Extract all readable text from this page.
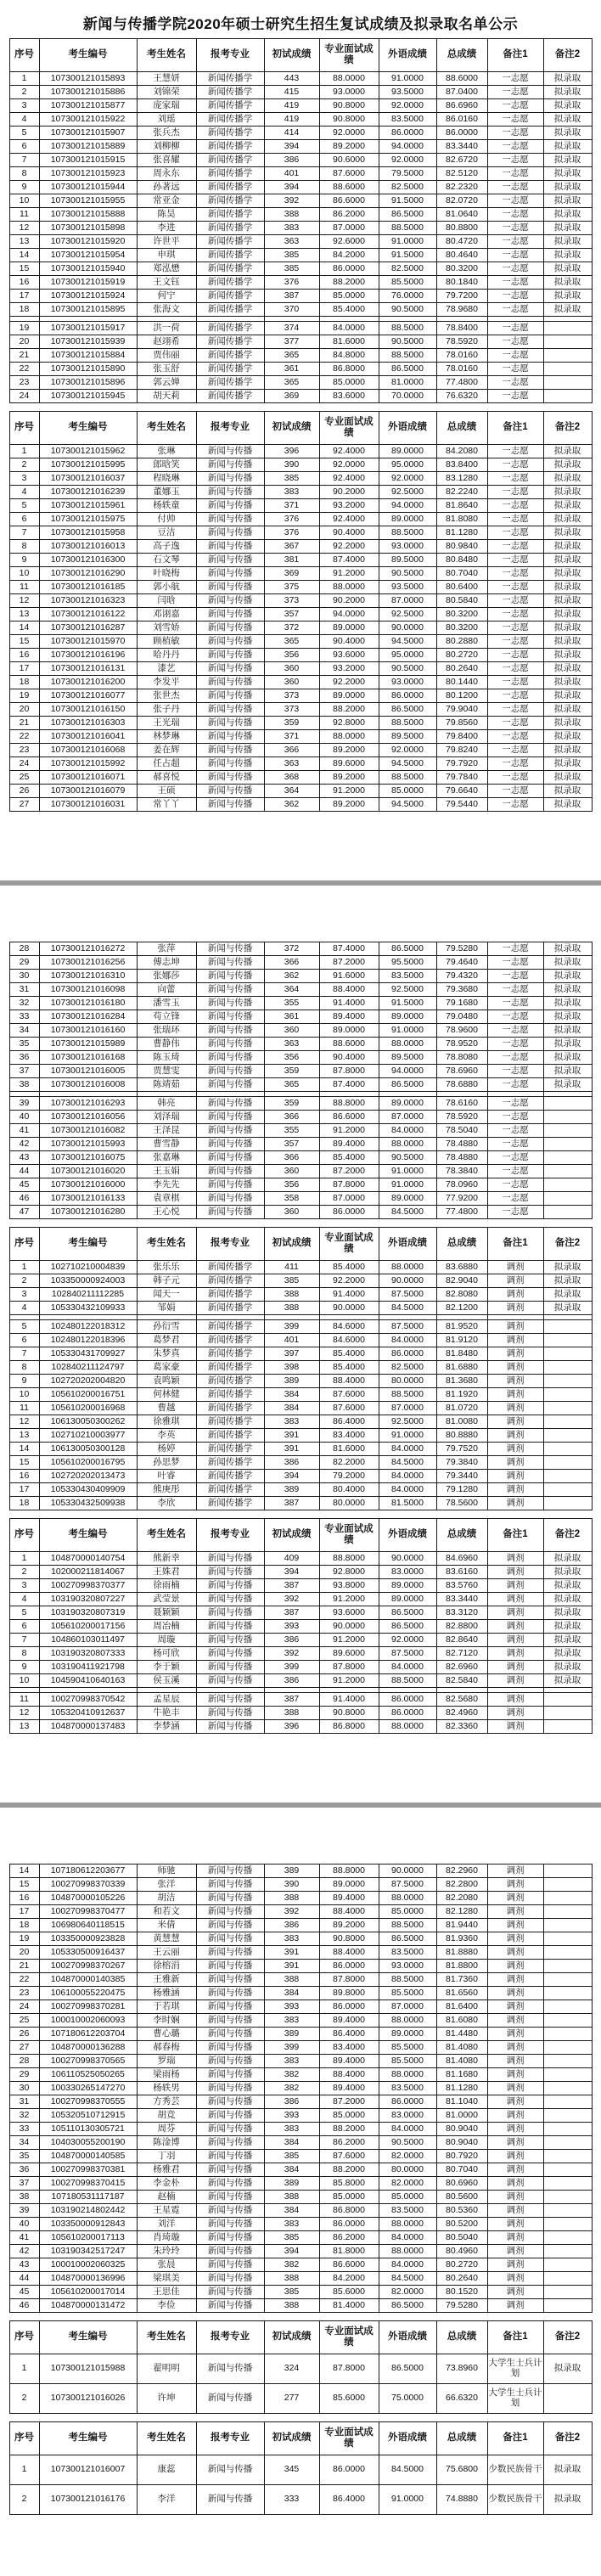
新闻与传播学院2020年硕士研究生招生复试成绩及拟录取名单公示
序号	考生编号	考生姓名	报考专业	初试成绩	专业面试成绩	外语成绩	总成绩	备注1	备注2
1	107300121015893	王慧妍	新闻传播学	443	88.0000	91.0000	88.6000	一志愿	拟录取
2	107300121015886	刘锦荣	新闻传播学	415	93.0000	93.5000	87.0400	一志愿	拟录取
3	107300121015877	庞家瑞	新闻传播学	419	90.8000	92.0000	86.6960	一志愿	拟录取
4	107300121015922	刘瑶	新闻传播学	419	90.8000	83.5000	86.0160	一志愿	拟录取
5	107300121015907	张兵杰	新闻传播学	414	92.0000	86.0000	86.0000	一志愿	拟录取
6	107300121015889	刘柳柳	新闻传播学	394	89.2000	94.0000	83.3440	一志愿	拟录取
7	107300121015915	张喜耀	新闻传播学	386	90.6000	92.0000	82.6720	一志愿	拟录取
8	107300121015923	周永东	新闻传播学	401	87.6000	79.5000	82.5120	一志愿	拟录取
9	107300121015944	孙著远	新闻传播学	394	88.6000	82.5000	82.2320	一志愿	拟录取
10	107300121015955	常亚金	新闻传播学	392	86.6000	91.5000	82.0720	一志愿	拟录取
11	107300121015888	陈昊	新闻传播学	388	86.2000	86.5000	81.0640	一志愿	拟录取
12	107300121015898	李进	新闻传播学	383	87.0000	88.5000	80.8800	一志愿	拟录取
13	107300121015920	许世平	新闻传播学	363	92.6000	91.0000	80.4720	一志愿	拟录取
14	107300121015954	申琪	新闻传播学	385	84.2000	91.5000	80.4640	一志愿	拟录取
15	107300121015940	郑泓懋	新闻传播学	385	86.0000	82.5000	80.3200	一志愿	拟录取
16	107300121015919	王文钰	新闻传播学	376	88.2000	85.5000	80.1840	一志愿	拟录取
17	107300121015924	何宁	新闻传播学	387	85.0000	76.0000	79.7200	一志愿	拟录取
18	107300121015895	张海文	新闻传播学	370	85.4000	90.5000	78.9680	一志愿	拟录取

19	107300121015917	洪一荷	新闻传播学	374	84.0000	88.5000	78.8400	一志愿	
20	107300121015939	赵翊希	新闻传播学	377	81.6000	90.5000	78.5920	一志愿	
21	107300121015884	贾伟丽	新闻传播学	365	84.8000	88.5000	78.0160	一志愿	
22	107300121015890	张玉舒	新闻传播学	361	86.8000	86.5000	78.0160	一志愿	
23	107300121015896	郭云婵	新闻传播学	365	85.0000	81.0000	77.4800	一志愿	
24	107300121015945	胡天莉	新闻传播学	369	83.6000	70.0000	76.6320	一志愿	
序号	考生编号	考生姓名	报考专业	初试成绩	专业面试成绩	外语成绩	总成绩	备注1	备注2
1	107300121015962	张琳	新闻与传播	396	92.4000	89.0000	84.2080	一志愿	拟录取
2	107300121015995	郎晗笑	新闻与传播	390	92.0000	95.0000	83.8400	一志愿	拟录取
3	107300121016037	程晓琳	新闻与传播	385	92.4000	92.0000	83.1280	一志愿	拟录取
4	107300121016239	董娜玉	新闻与传播	383	90.2000	92.5000	82.2240	一志愿	拟录取
5	107300121015961	杨轶童	新闻与传播	371	93.2000	94.0000	81.8640	一志愿	拟录取
6	107300121015975	付帅	新闻与传播	376	92.4000	89.0000	81.8080	一志愿	拟录取
7	107300121015958	豆洁	新闻与传播	376	90.4000	88.5000	81.1280	一志愿	拟录取
8	107300121016013	高子逸	新闻与传播	367	92.2000	93.0000	80.9840	一志愿	拟录取
9	107300121016300	石文琴	新闻与传播	381	87.4000	89.5000	80.8480	一志愿	拟录取
10	107300121016290	叶晓梅	新闻与传播	369	91.2000	90.5000	80.7040	一志愿	拟录取
11	107300121016185	郭小航	新闻与传播	375	88.0000	93.5000	80.6400	一志愿	拟录取
12	107300121016323	闫晗	新闻与传播	373	90.2000	87.0000	80.5840	一志愿	拟录取
13	107300121016122	邓诩嘉	新闻与传播	357	94.0000	92.5000	80.3200	一志愿	拟录取
14	107300121016287	刘雪娇	新闻与传播	372	89.0000	90.0000	80.3200	一志愿	拟录取
15	107300121015970	顾植敏	新闻与传播	365	90.4000	94.5000	80.2880	一志愿	拟录取
16	107300121016196	哈丹丹	新闻与传播	356	93.6000	95.0000	80.2720	一志愿	拟录取
17	107300121016131	漆艺	新闻与传播	360	93.2000	90.5000	80.2640	一志愿	拟录取
18	107300121016200	李发平	新闻与传播	360	92.2000	93.0000	80.1440	一志愿	拟录取
19	107300121016077	张世杰	新闻与传播	373	89.0000	86.0000	80.1200	一志愿	拟录取
20	107300121016150	张子丹	新闻与传播	373	88.2000	86.5000	79.9040	一志愿	拟录取
21	107300121016303	王光瑞	新闻与传播	359	92.8000	88.5000	79.8560	一志愿	拟录取
22	107300121016041	林梦琳	新闻与传播	371	88.0000	89.5000	79.8400	一志愿	拟录取
23	107300121016068	姜在辉	新闻与传播	366	89.2000	92.0000	79.8240	一志愿	拟录取
24	107300121015992	任占超	新闻与传播	363	89.6000	94.5000	79.7920	一志愿	拟录取
25	107300121016071	郝喜悦	新闻与传播	368	89.2000	88.5000	79.7840	一志愿	拟录取
26	107300121016079	王硕	新闻与传播	364	91.2000	85.0000	79.6640	一志愿	拟录取
27	107300121016031	常丫丫	新闻与传播	362	89.2000	94.5000	79.5440	一志愿	拟录取
28	107300121016272	张萍	新闻与传播	372	87.4000	86.5000	79.5280	一志愿	拟录取
29	107300121016256	傅志坤	新闻与传播	366	87.2000	95.5000	79.4640	一志愿	拟录取
30	107300121016310	张娜莎	新闻与传播	362	91.6000	83.5000	79.4320	一志愿	拟录取
31	107300121016098	向蕾	新闻与传播	364	88.4000	92.5000	79.3680	一志愿	拟录取
32	107300121016180	潘雪玉	新闻与传播	355	91.4000	91.5000	79.1680	一志愿	拟录取
33	107300121016284	苟立锋	新闻与传播	361	89.4000	89.0000	79.0480	一志愿	拟录取
34	107300121016160	张瑞环	新闻与传播	360	89.0000	91.0000	78.9600	一志愿	拟录取
35	107300121015989	曹静伟	新闻与传播	363	88.6000	88.0000	78.9520	一志愿	拟录取
36	107300121016168	陈玉琦	新闻与传播	356	90.4000	89.5000	78.8080	一志愿	拟录取
37	107300121016005	贾慧雯	新闻与传播	359	87.8000	94.0000	78.6960	一志愿	拟录取
38	107300121016008	陈靖茹	新闻与传播	365	87.4000	86.5000	78.6880	一志愿	拟录取

39	107300121016293	韩亮	新闻与传播	359	88.8000	89.0000	78.6160	一志愿	
40	107300121016056	刘泽瑞	新闻与传播	366	86.6000	87.0000	78.5920	一志愿	
41	107300121016082	王泽昆	新闻与传播	355	91.2000	84.0000	78.5040	一志愿	
42	107300121015993	曹雪静	新闻与传播	357	89.4000	88.0000	78.4880	一志愿	
43	107300121016075	张嘉琳	新闻与传播	366	85.4000	90.5000	78.4880	一志愿	
44	107300121016020	王玉娟	新闻与传播	360	87.2000	91.0000	78.3840	一志愿	
45	107300121016000	李先先	新闻与传播	356	87.8000	91.0000	78.0960	一志愿	
46	107300121016133	袁章棋	新闻与传播	358	87.0000	89.0000	77.9200	一志愿	
47	107300121016280	王心悦	新闻与传播	360	86.0000	84.5000	77.4800	一志愿	
序号	考生编号	考生姓名	报考专业	初试成绩	专业面试成绩	外语成绩	总成绩	备注1	备注2
1	102710210004839	张乐乐	新闻传播学	411	85.4000	88.0000	83.6880	调剂	拟录取
2	103350000924003	韩子元	新闻传播学	385	92.2000	90.0000	82.9040	调剂	拟录取
3	102840211112285	闻天一	新闻传播学	388	91.4000	87.5000	82.8080	调剂	拟录取
4	105330432109933	邹娟	新闻传播学	388	90.0000	84.5000	82.1200	调剂	拟录取

5	102480122018312	孙衍雪	新闻传播学	399	84.6000	87.5000	81.9520	调剂	
6	102480122018396	葛梦君	新闻传播学	401	84.6000	84.0000	81.9120	调剂	
7	105330431709927	朱梦真	新闻传播学	397	85.4000	86.0000	81.8480	调剂	
8	102840211124797	葛家豪	新闻传播学	398	85.4000	82.5000	81.6880	调剂	
9	102720202004820	袁鸣颖	新闻传播学	389	88.4000	80.0000	81.3680	调剂	
10	105610200016751	何林健	新闻传播学	384	87.6000	88.5000	81.1920	调剂	
11	105610200016968	曹越	新闻传播学	384	87.6000	87.0000	81.0720	调剂	
12	106130050300262	徐雅琪	新闻传播学	383	86.4000	92.5000	81.0080	调剂	
13	102710210003977	李英	新闻传播学	391	83.4000	91.0000	80.8880	调剂	
14	106130050300128	杨婷	新闻传播学	391	81.6000	84.0000	79.7520	调剂	
15	105610200016795	孙思梦	新闻传播学	386	82.2000	84.5000	79.3840	调剂	
16	102720202013473	叶睿	新闻传播学	394	79.2000	84.0000	79.3440	调剂	
17	105330430409909	熊庚彤	新闻传播学	389	80.4000	84.0000	79.1280	调剂	
18	105330432509938	李欣	新闻传播学	387	80.0000	81.5000	78.5600	调剂	
序号	考生编号	考生姓名	报考专业	初试成绩	专业面试成绩	外语成绩	总成绩	备注1	备注2
1	104870000140754	熊新幸	新闻与传播	409	88.8000	90.0000	84.6960	调剂	拟录取
2	102000211814067	王姝君	新闻与传播	394	92.8000	83.0000	83.6160	调剂	拟录取
3	100270998370377	徐雨楠	新闻与传播	387	93.8000	89.0000	83.5760	调剂	拟录取
4	103190320807227	武莹景	新闻与传播	392	91.2000	89.0000	83.3440	调剂	拟录取
5	103190320807319	聂颖颖	新闻与传播	387	93.6000	86.5000	83.3120	调剂	拟录取
6	105610200017156	周冶楠	新闻与传播	393	90.0000	86.5000	82.8800	调剂	拟录取
7	104860103011497	周璇	新闻与传播	386	91.2000	92.0000	82.8640	调剂	拟录取
8	103190320807333	杨可欣	新闻与传播	392	89.6000	87.5000	82.7120	调剂	拟录取
9	103190411921798	李于颖	新闻与传播	399	87.8000	84.0000	82.6960	调剂	拟录取
10	104590410640163	侯玉溪	新闻与传播	386	91.2000	88.5000	82.5840	调剂	拟录取

11	100270998370542	孟星辰	新闻与传播	387	91.4000	86.0000	82.5680	调剂	
12	105320410912637	牛艳丰	新闻与传播	388	90.8000	86.0000	82.4960	调剂	
13	104870000137483	李梦涵	新闻与传播	396	86.8000	88.0000	82.3360	调剂	
14	107180612203677	师驰	新闻与传播	389	88.8000	90.0000	82.2960	调剂	
15	100270998370339	张洋	新闻与传播	390	89.0000	87.5000	82.2800	调剂	
16	104870000105226	胡洁	新闻与传播	388	89.4000	88.0000	82.2080	调剂	
17	100270998370477	和若文	新闻与传播	392	88.4000	85.0000	82.1280	调剂	
18	106980640118515	米倩	新闻与传播	386	89.2000	88.5000	81.9440	调剂	
19	103350000923828	黄慧慧	新闻与传播	383	90.8000	86.5000	81.9360	调剂	
20	105330500916437	王云丽	新闻与传播	391	88.4000	83.5000	81.8880	调剂	
21	100270998370267	徐榕涓	新闻与传播	391	86.0000	93.0000	81.8800	调剂	
22	104870000140385	王雅新	新闻与传播	388	87.8000	88.5000	81.7360	调剂	
23	106100055220475	杨雅涵	新闻与传播	384	89.8000	85.5000	81.6560	调剂	
24	100270998370281	于若琪	新闻与传播	393	86.0000	87.0000	81.6400	调剂	
25	100010002060093	李时娴	新闻与传播	383	89.4000	88.0000	81.6080	调剂	
26	107180612203704	曹心璐	新闻与传播	389	86.4000	89.0000	81.4480	调剂	
27	104870000136288	郝春梅	新闻与传播	399	83.4000	85.5000	81.4080	调剂	
28	100270998370565	罗瑞	新闻与传播	383	89.4000	85.5000	81.4080	调剂	
29	106110525050265	梁雨杨	新闻与传播	382	88.4000	88.0000	81.1680	调剂	
30	100330265147270	杨轶男	新闻与传播	382	89.4000	83.5000	81.1280	调剂	
31	100270998370555	方秀芸	新闻与传播	386	87.2000	86.0000	81.1040	调剂	
32	105320510712915	胡竞	新闻与传播	393	85.0000	83.0000	81.0000	调剂	
33	105110130305721	周芬	新闻与传播	383	88.2000	84.0000	80.9040	调剂	
34	104030055200190	陈淦博	新闻与传播	384	86.2000	90.5000	80.9040	调剂	
35	104870000140585	丁羽	新闻与传播	385	87.6000	82.0000	80.7920	调剂	
36	100270998370381	杨雅君	新闻与传播	384	88.2000	80.0000	80.7040	调剂	
37	100270998370415	李金朴	新闻与传播	389	85.8000	82.0000	80.6960	调剂	
38	107180531117187	赵楠	新闻与传播	388	85.0000	85.0000	80.5600	调剂	
39	103190214802442	王星霓	新闻与传播	384	86.8000	83.5000	80.5360	调剂	
40	103350000912843	刘洋	新闻与传播	383	86.0000	88.0000	80.5200	调剂	
41	105610200017113	肖琦璇	新闻与传播	385	86.2000	84.0000	80.5040	调剂	
42	103190342517247	朱玲玲	新闻与传播	394	81.8000	88.0000	80.4960	调剂	
43	100010002060325	张晨	新闻与传播	382	86.6000	84.0000	80.2720	调剂	
44	104870000136996	梁琪美	新闻与传播	388	84.2000	84.5000	80.2640	调剂	
45	105610200017014	王思佳	新闻与传播	385	85.6000	82.0000	80.1520	调剂	
46	104870000131472	李俭	新闻与传播	388	81.4000	86.5000	79.5280	调剂	
序号	考生编号	考生姓名	报考专业	初试成绩	专业面试成绩	外语成绩	总成绩	备注1	备注2
1	107300121015988	翟明明	新闻与传播	324	87.8000	86.5000	73.8960	大学生士兵计划	拟录取
2	107300121016026	许坤	新闻与传播	277	85.6000	75.0000	66.6320	大学生士兵计划	
序号	考生编号	考生姓名	报考专业	初试成绩	专业面试成绩	外语成绩	总成绩	备注1	备注2
1	107300121016007	康蕊	新闻与传播	345	86.0000	84.5000	75.6800	少数民族骨干	拟录取
2	107300121016176	李洋	新闻与传播	333	86.4000	91.0000	74.8880	少数民族骨干	拟录取
